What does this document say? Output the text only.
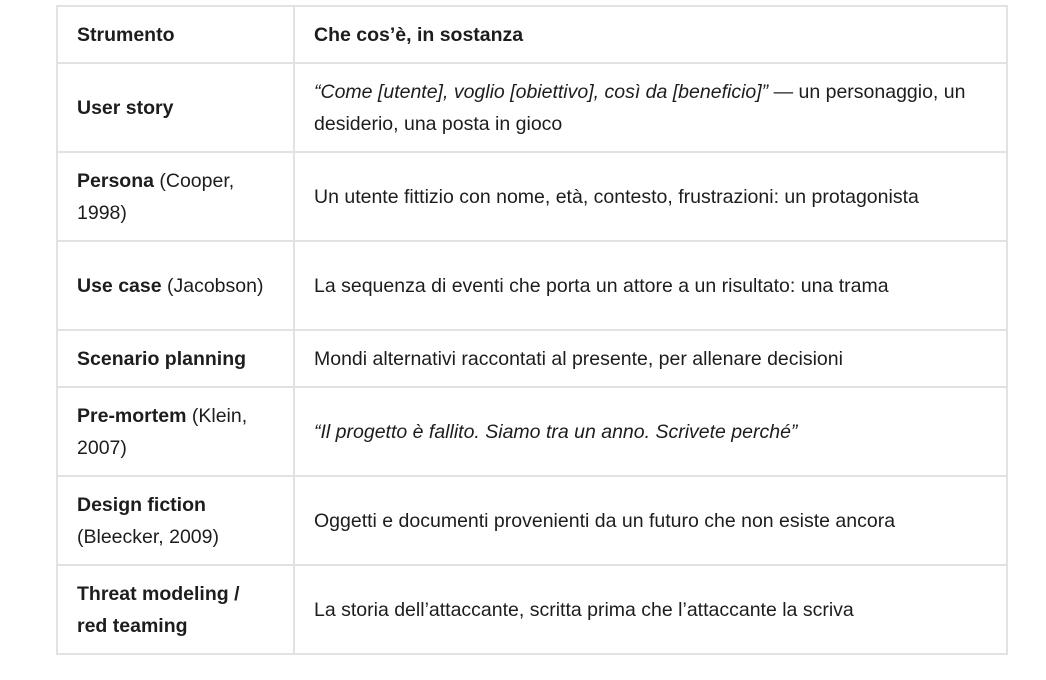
Strumento	Che cos’è, in sostanza
User story	“Come [utente], voglio [obiettivo], così da [beneficio]” — un personaggio, un desiderio, una posta in gioco
Persona (Cooper, 1998)	Un utente fittizio con nome, età, contesto, frustrazioni: un protagonista
Use case (Jacobson)	La sequenza di eventi che porta un attore a un risultato: una trama
Scenario planning	Mondi alternativi raccontati al presente, per allenare decisioni
Pre-mortem (Klein, 2007)	“Il progetto è fallito. Siamo tra un anno. Scrivete perché”
Design fiction (Bleecker, 2009)	Oggetti e documenti provenienti da un futuro che non esiste ancora
Threat modeling / red teaming	La storia dell’attaccante, scritta prima che l’attaccante la scriva
